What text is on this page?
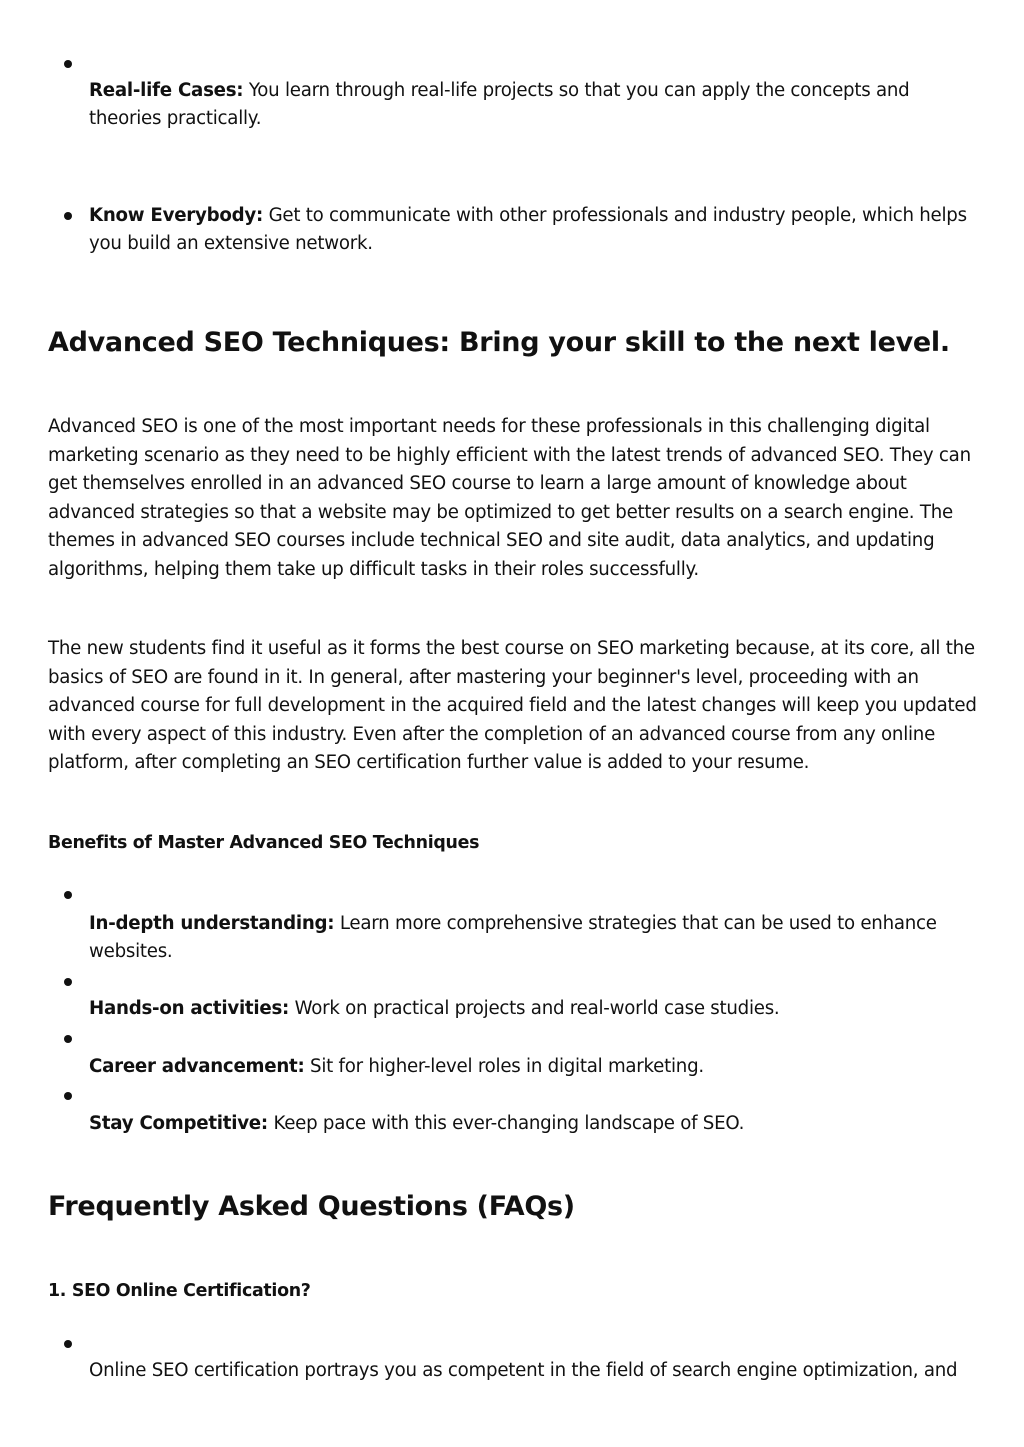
Real-life Cases: You learn through real-life projects so that you can apply the concepts and theories practically.
Know Everybody: Get to communicate with other professionals and industry people, which helps you build an extensive network.
Advanced SEO Techniques: Bring your skill to the next level.
Advanced SEO is one of the most important needs for these professionals in this challenging digital marketing scenario as they need to be highly efficient with the latest trends of advanced SEO. They can get themselves enrolled in an advanced SEO course to learn a large amount of knowledge about advanced strategies so that a website may be optimized to get better results on a search engine. The themes in advanced SEO courses include technical SEO and site audit, data analytics, and updating algorithms, helping them take up difficult tasks in their roles successfully.
The new students find it useful as it forms the best course on SEO marketing because, at its core, all the basics of SEO are found in it. In general, after mastering your beginner's level, proceeding with an advanced course for full development in the acquired field and the latest changes will keep you updated with every aspect of this industry. Even after the completion of an advanced course from any online platform, after completing an SEO certification further value is added to your resume.
Benefits of Master Advanced SEO Techniques
In-depth understanding: Learn more comprehensive strategies that can be used to enhance websites.
Hands-on activities: Work on practical projects and real-world case studies.
Career advancement: Sit for higher-level roles in digital marketing.
Stay Competitive: Keep pace with this ever-changing landscape of SEO.
Frequently Asked Questions (FAQs)
1. SEO Online Certification?
Online SEO certification portrays you as competent in the field of search engine optimization, and
